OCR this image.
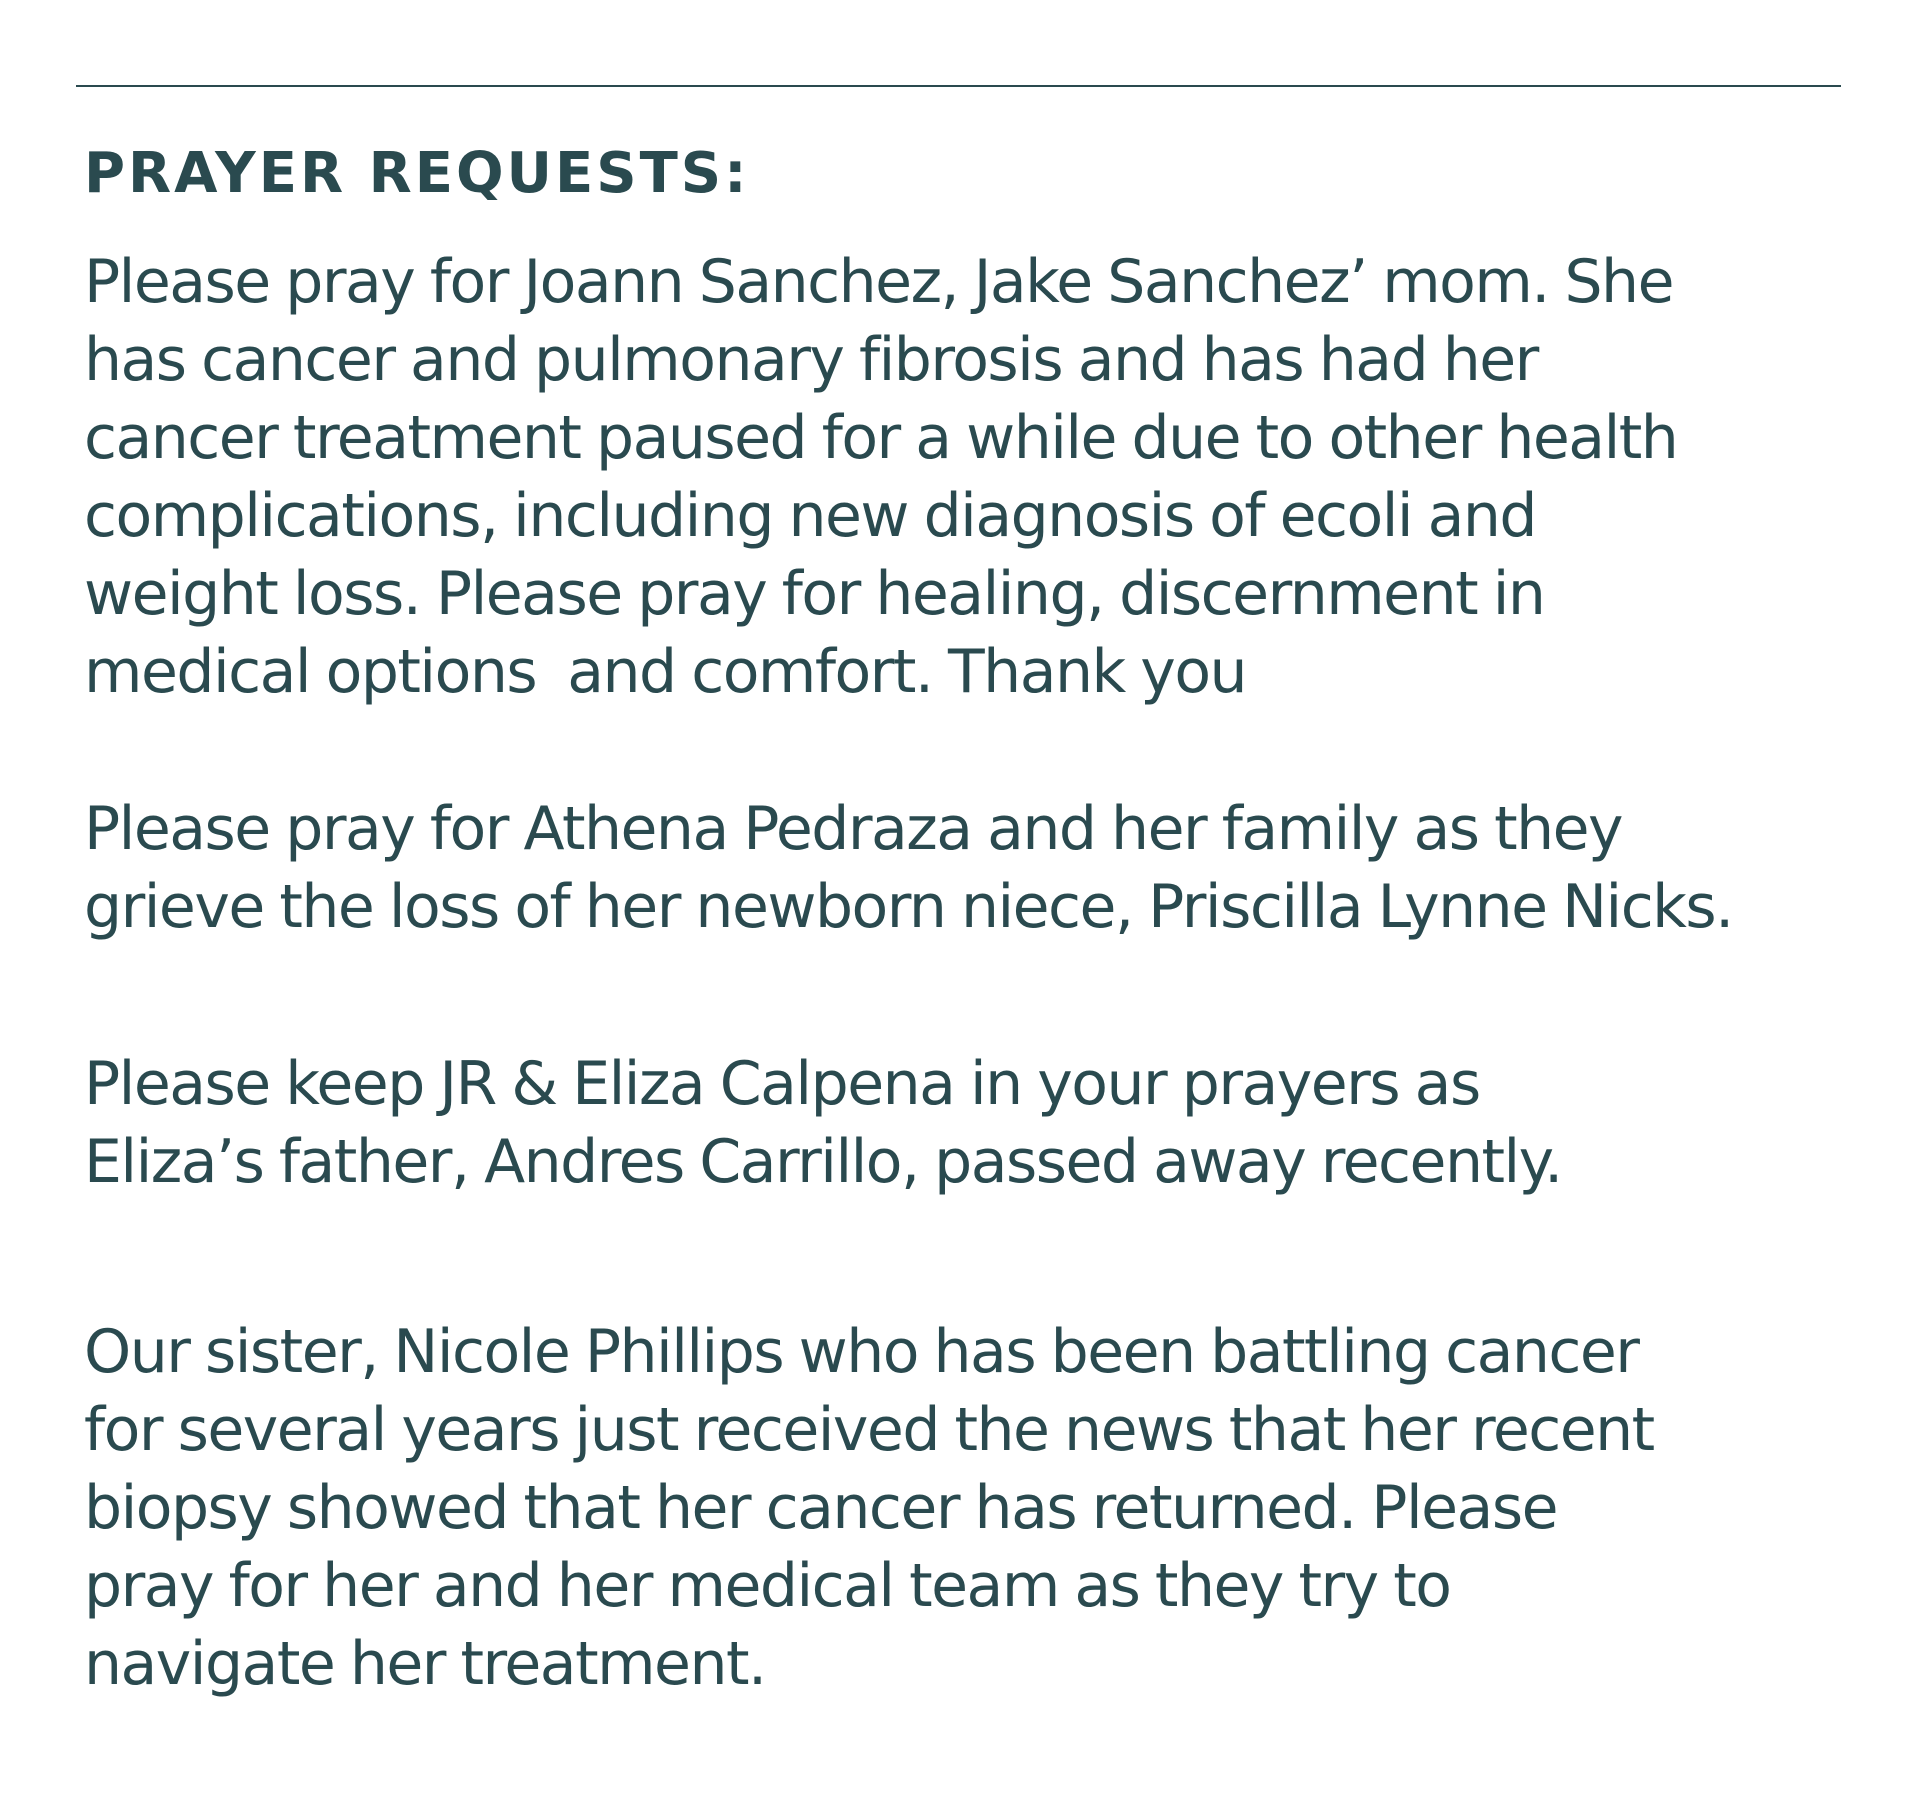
PRAYER REQUESTS:
Please pray for Joann Sanchez, Jake Sanchez’ mom. She
has cancer and pulmonary fibrosis and has had her
cancer treatment paused for a while due to other health
complications, including new diagnosis of ecoli and
weight loss. Please pray for healing, discernment in
medical options  and comfort. Thank you
Please pray for Athena Pedraza and her family as they
grieve the loss of her newborn niece, Priscilla Lynne Nicks.
Please keep JR & Eliza Calpena in your prayers as
Eliza’s father, Andres Carrillo, passed away recently.
Our sister, Nicole Phillips who has been battling cancer
for several years just received the news that her recent
biopsy showed that her cancer has returned. Please
pray for her and her medical team as they try to
navigate her treatment.
